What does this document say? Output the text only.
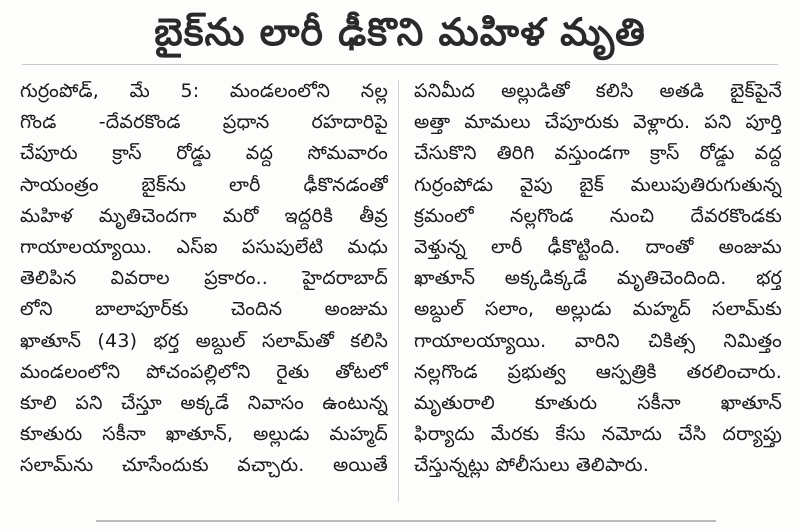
బైక్‌ను లారీ ఢీకొని మహిళ మృతి
గుర్రంపోడ్, మే 5: మండలంలోని నల్ల
గొండ -దేవరకొండ ప్రధాన రహదారిపై
చేపూరు క్రాస్ రోడ్డు వద్ద సోమవారం
సాయంత్రం బైక్‌ను లారీ ఢీకొనడంతో
మహిళ మృతిచెందగా మరో ఇద్దరికి తీవ్ర
గాయాలయ్యాయి. ఎస్ఐ పసుపులేటి మధు
తెలిపిన వివరాల ప్రకారం.. హైదరాబాద్
లోని బాలాపూర్‌కు చెందిన అంజుమ
ఖాతూన్ (43) భర్త అబ్దుల్ సలామ్‌తో కలిసి
మండలంలోని పోచంపల్లిలోని రైతు తోటలో
కూలి పని చేస్తూ అక్కడే నివాసం ఉంటున్న
కూతురు సకీనా ఖాతూన్, అల్లుడు మహ్మద్
సలామ్‌ను చూసేందుకు వచ్చారు. అయితే
పనిమీద అల్లుడితో కలిసి అతడి బైక్‌పైనే
అత్తా మామలు చేపూరుకు వెళ్లారు. పని పూర్తి
చేసుకొని తిరిగి వస్తుండగా క్రాస్ రోడ్డు వద్ద
గుర్రంపోడు వైపు బైక్ మలుపుతిరుగుతున్న
క్రమంలో నల్లగొండ నుంచి దేవరకొండకు
వెళ్తున్న లారీ ఢీకొట్టింది. దాంతో అంజుమ
ఖాతూన్ అక్కడిక్కడే మృతిచెందింది. భర్త
అబ్దుల్ సలాం, అల్లుడు మహ్మద్ సలామ్‌కు
గాయాలయ్యాయి. వారిని చికిత్స నిమిత్తం
నల్లగొండ ప్రభుత్వ ఆస్పత్రికి తరలించారు.
మృతురాలి కూతురు సకీనా ఖాతూన్
ఫిర్యాదు మేరకు కేసు నమోదు చేసి దర్యాప్తు
చేస్తున్నట్లు పోలీసులు తెలిపారు.
